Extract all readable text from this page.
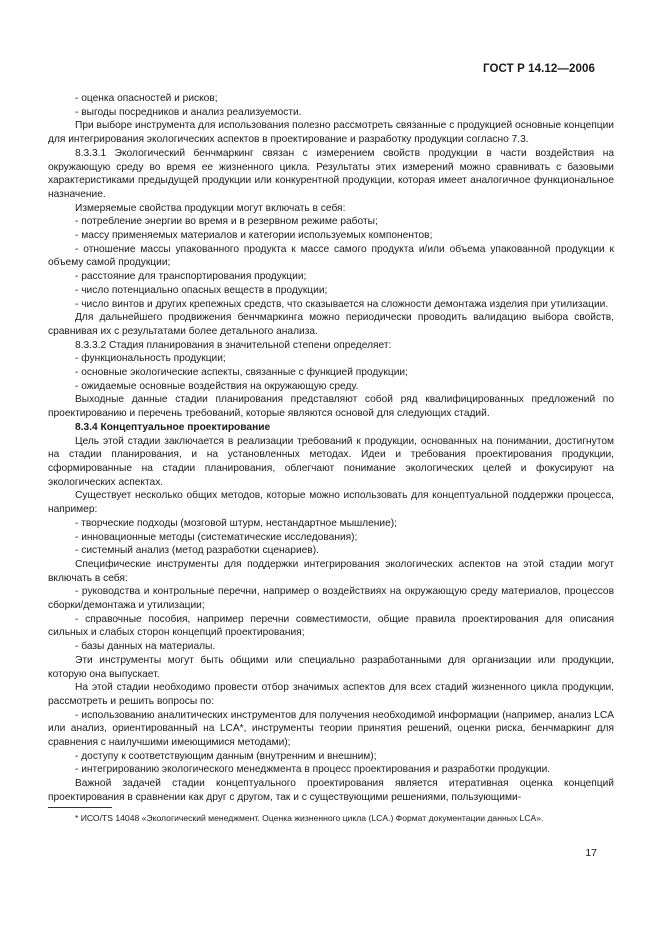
ГОСТ Р 14.12—2006

- оценка опасностей и рисков;

- выгоды посредников и анализ реализуемости.

При выборе инструмента для использования полезно рассмотреть связанные с продукцией основные концепции для интегрирования экологических аспектов в проектирование и разработку продукции согласно 7.3.

8.3.3.1 Экологический бенчмаркинг связан с измерением свойств продукции в части воздействия на окружающую среду во время ее жизненного цикла. Результаты этих измерений можно сравнивать с базовыми характеристиками предыдущей продукции или конкурентной продукции, которая имеет аналогичное функциональное назначение.

Измеряемые свойства продукции могут включать в себя:

- потребление энергии во время и в резервном режиме работы;

- массу применяемых материалов и категории используемых компонентов;

- отношение массы упакованного продукта к массе самого продукта и/или объема упакованной продукции к объему самой продукции;

- расстояние для транспортирования продукции;

- число потенциально опасных веществ в продукции;

- число винтов и других крепежных средств, что сказывается на сложности демонтажа изделия при утилизации.

Для дальнейшего продвижения бенчмаркинга можно периодически проводить валидацию выбора свойств, сравнивая их с результатами более детального анализа.

8.3.3.2 Стадия планирования в значительной степени определяет:

- функциональность продукции;

- основные экологические аспекты, связанные с функцией продукции;

- ожидаемые основные воздействия на окружающую среду.

Выходные данные стадии планирования представляют собой ряд квалифицированных предложений по проектированию и перечень требований, которые являются основой для следующих стадий.

8.3.4 Концептуальное проектирование

Цель этой стадии заключается в реализации требований к продукции, основанных на понимании, достигнутом на стадии планирования, и на установленных методах. Идеи и требования проектирования продукции, сформированные на стадии планирования, облегчают понимание экологических целей и фокусируют на экологических аспектах.

Существует несколько общих методов, которые можно использовать для концептуальной поддержки процесса, например:

- творческие подходы (мозговой штурм, нестандартное мышление);

- инновационные методы (систематические исследования);

- системный анализ (метод разработки сценариев).

Специфические инструменты для поддержки интегрирования экологических аспектов на этой стадии могут включать в себя:

- руководства и контрольные перечни, например о воздействиях на окружающую среду материалов, процессов сборки/демонтажа и утилизации;

- справочные пособия, например перечни совместимости, общие правила проектирования для описания сильных и слабых сторон концепций проектирования;

- базы данных на материалы.

Эти инструменты могут быть общими или специально разработанными для организации или продукции, которую она выпускает.

На этой стадии необходимо провести отбор значимых аспектов для всех стадий жизненного цикла продукции, рассмотреть и решить вопросы по:

- использованию аналитических инструментов для получения необходимой информации (например, анализ LCA или анализ, ориентированный на LCA*, инструменты теории принятия решений, оценки риска, бенчмаркинг для сравнения с наилучшими имеющимися методами);

- доступу к соответствующим данным (внутренним и внешним);

- интегрированию экологического менеджмента в процесс проектирования и разработки продукции.

Важной задачей стадии концептуального проектирования является итеративная оценка концепций проектирования в сравнении как друг с другом, так и с существующими решениями, пользующими-

* ИСО/TS 14048 «Экологический менеджмент. Оценка жизненного цикла (LCA.) Формат документации данных LCA».
17
